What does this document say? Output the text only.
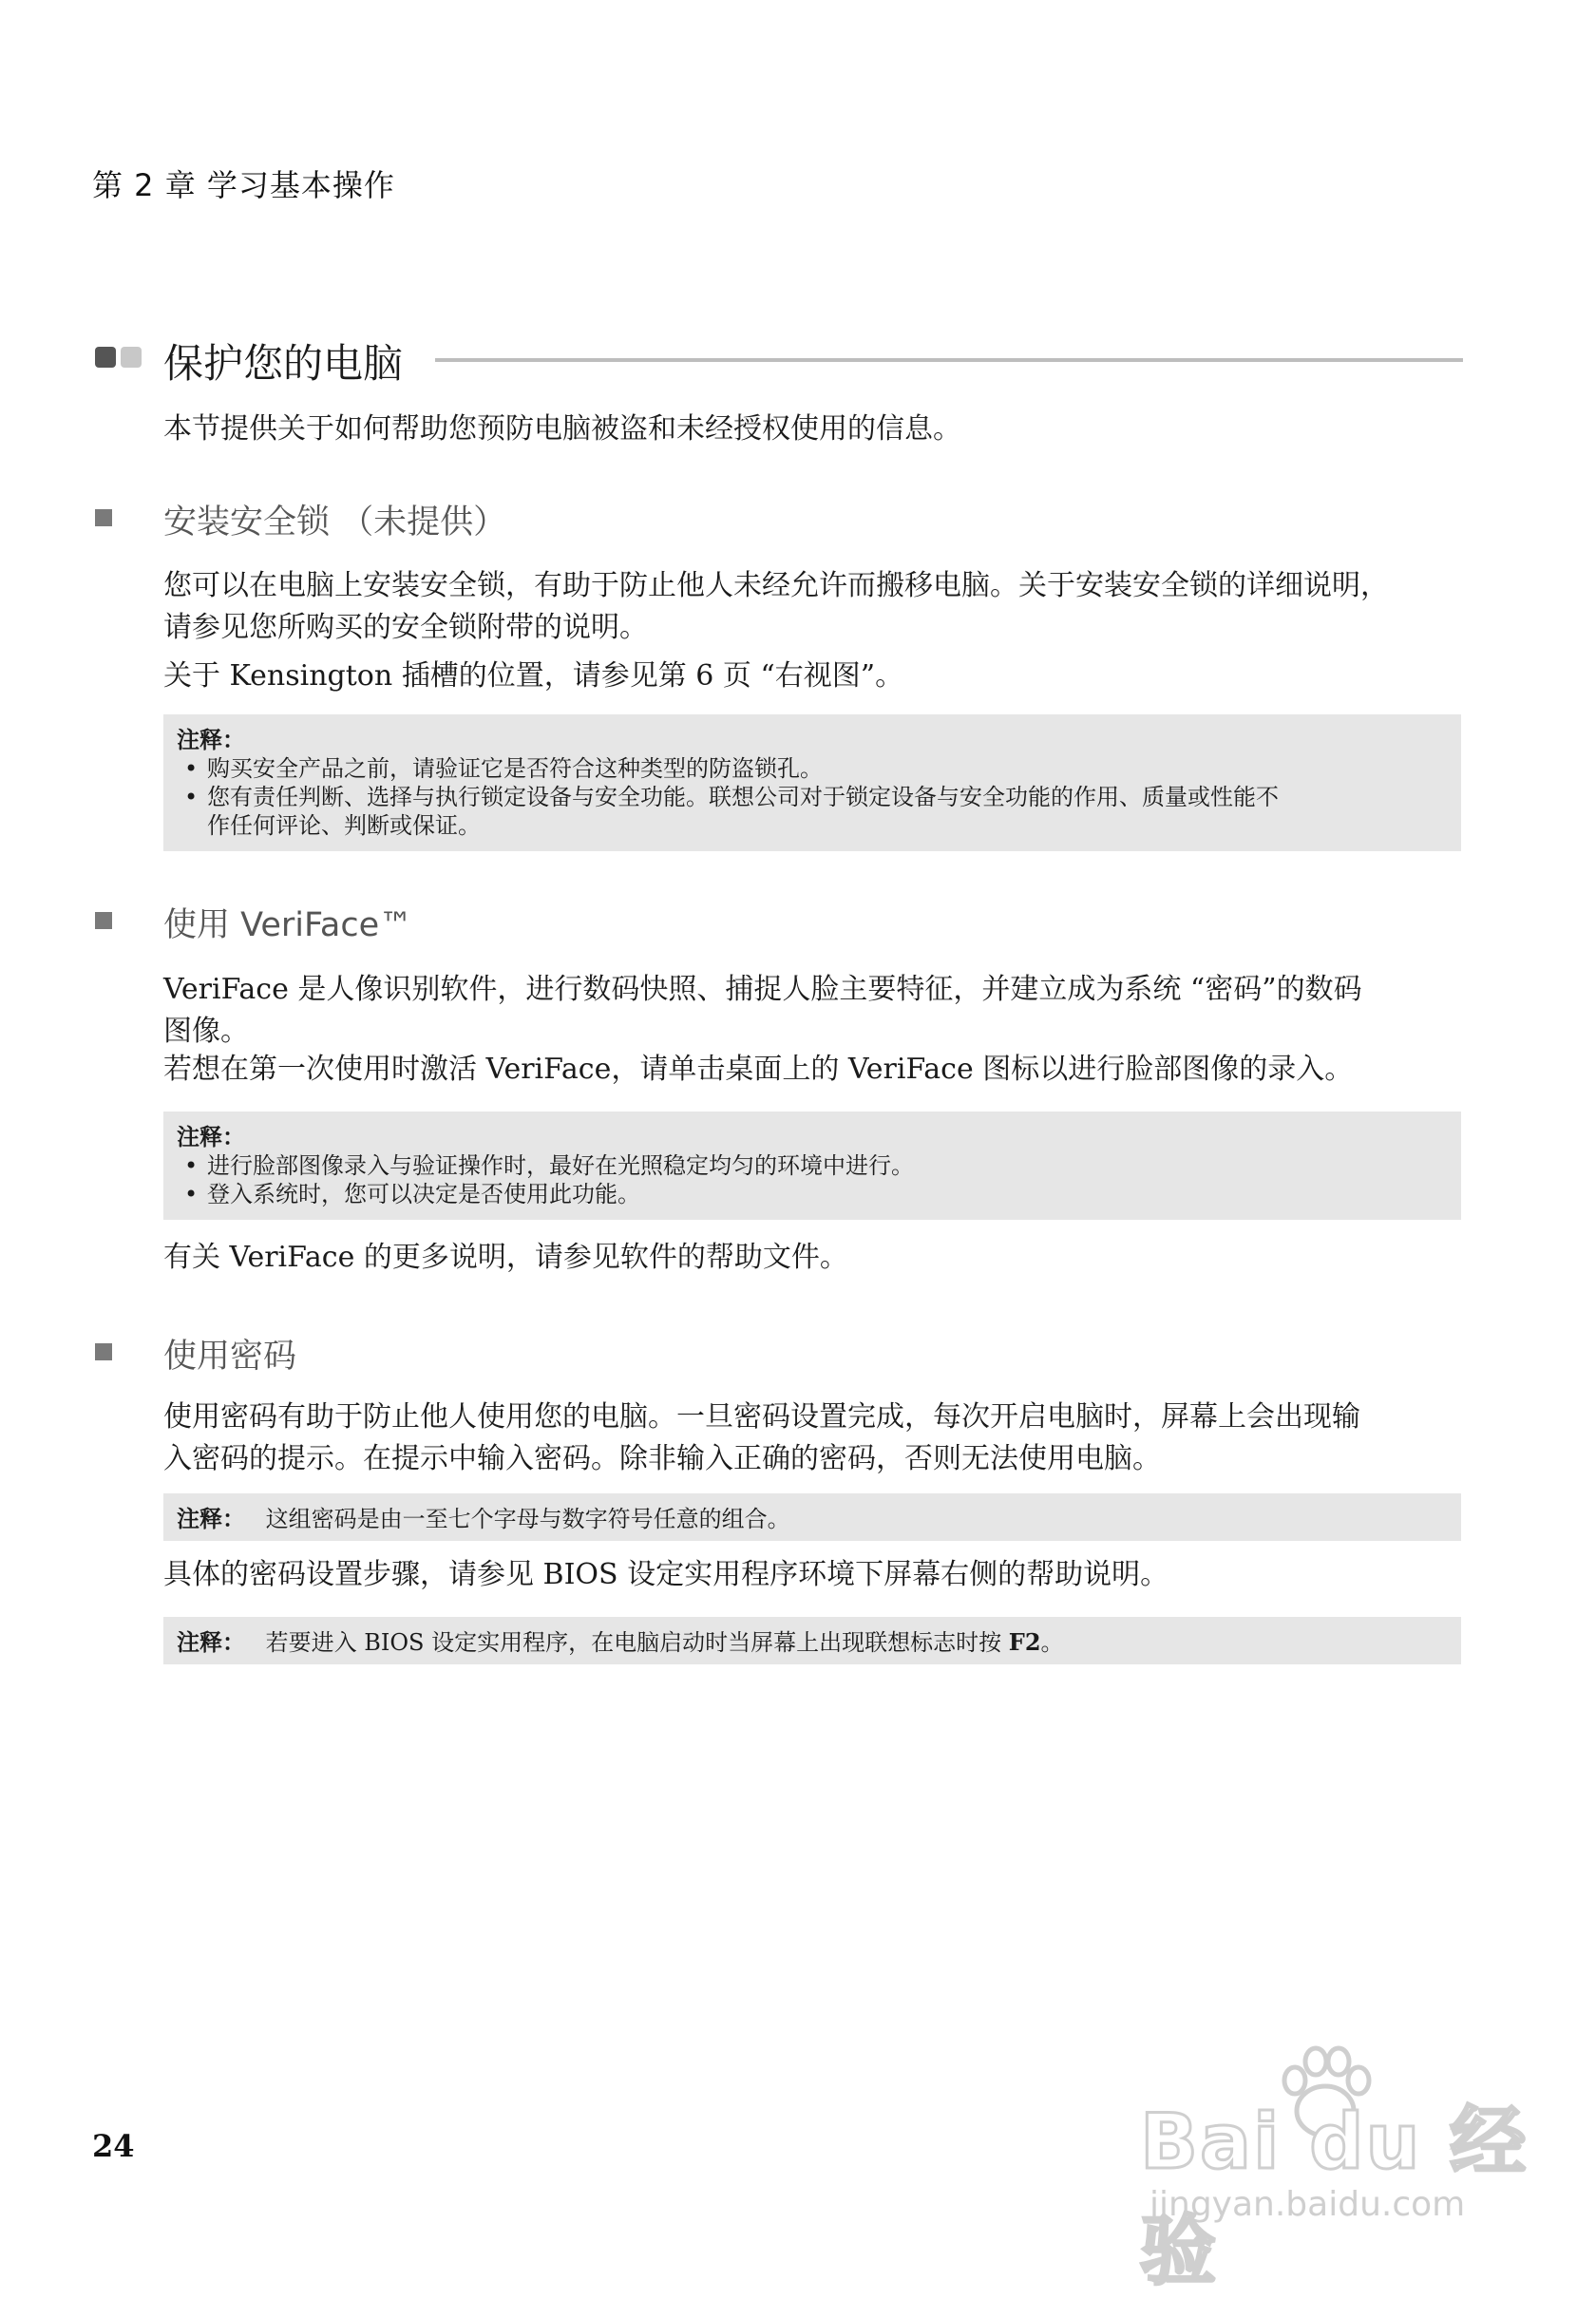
第 2 章 学习基本操作
保护您的电脑
本节提供关于如何帮助您预防电脑被盗和未经授权使用的信息。
安装安全锁 （未提供）
您可以在电脑上安装安全锁，有助于防止他人未经允许而搬移电脑。关于安装安全锁的详细说明，
请参见您所购买的安全锁附带的说明。
关于 Kensington 插槽的位置，请参见第 6 页 “右视图”。
注释：
• 购买安全产品之前，请验证它是否符合这种类型的防盗锁孔。
• 您有责任判断、选择与执行锁定设备与安全功能。联想公司对于锁定设备与安全功能的作用、质量或性能不
作任何评论、判断或保证。
使用 VeriFace™
VeriFace 是人像识别软件，进行数码快照、捕捉人脸主要特征，并建立成为系统 “密码”的数码
图像。
若想在第一次使用时激活 VeriFace，请单击桌面上的 VeriFace 图标以进行脸部图像的录入。
注释：
• 进行脸部图像录入与验证操作时，最好在光照稳定均匀的环境中进行。
• 登入系统时，您可以决定是否使用此功能。
有关 VeriFace 的更多说明，请参见软件的帮助文件。
使用密码
使用密码有助于防止他人使用您的电脑。一旦密码设置完成，每次开启电脑时，屏幕上会出现输
入密码的提示。在提示中输入密码。除非输入正确的密码，否则无法使用电脑。
注释： 这组密码是由一至七个字母与数字符号任意的组合。
具体的密码设置步骤，请参见 BIOS 设定实用程序环境下屏幕右侧的帮助说明。
注释： 若要进入 BIOS 设定实用程序，在电脑启动时当屏幕上出现联想标志时按 F2。
24	Bai du 经验
jingyan.baidu.com
